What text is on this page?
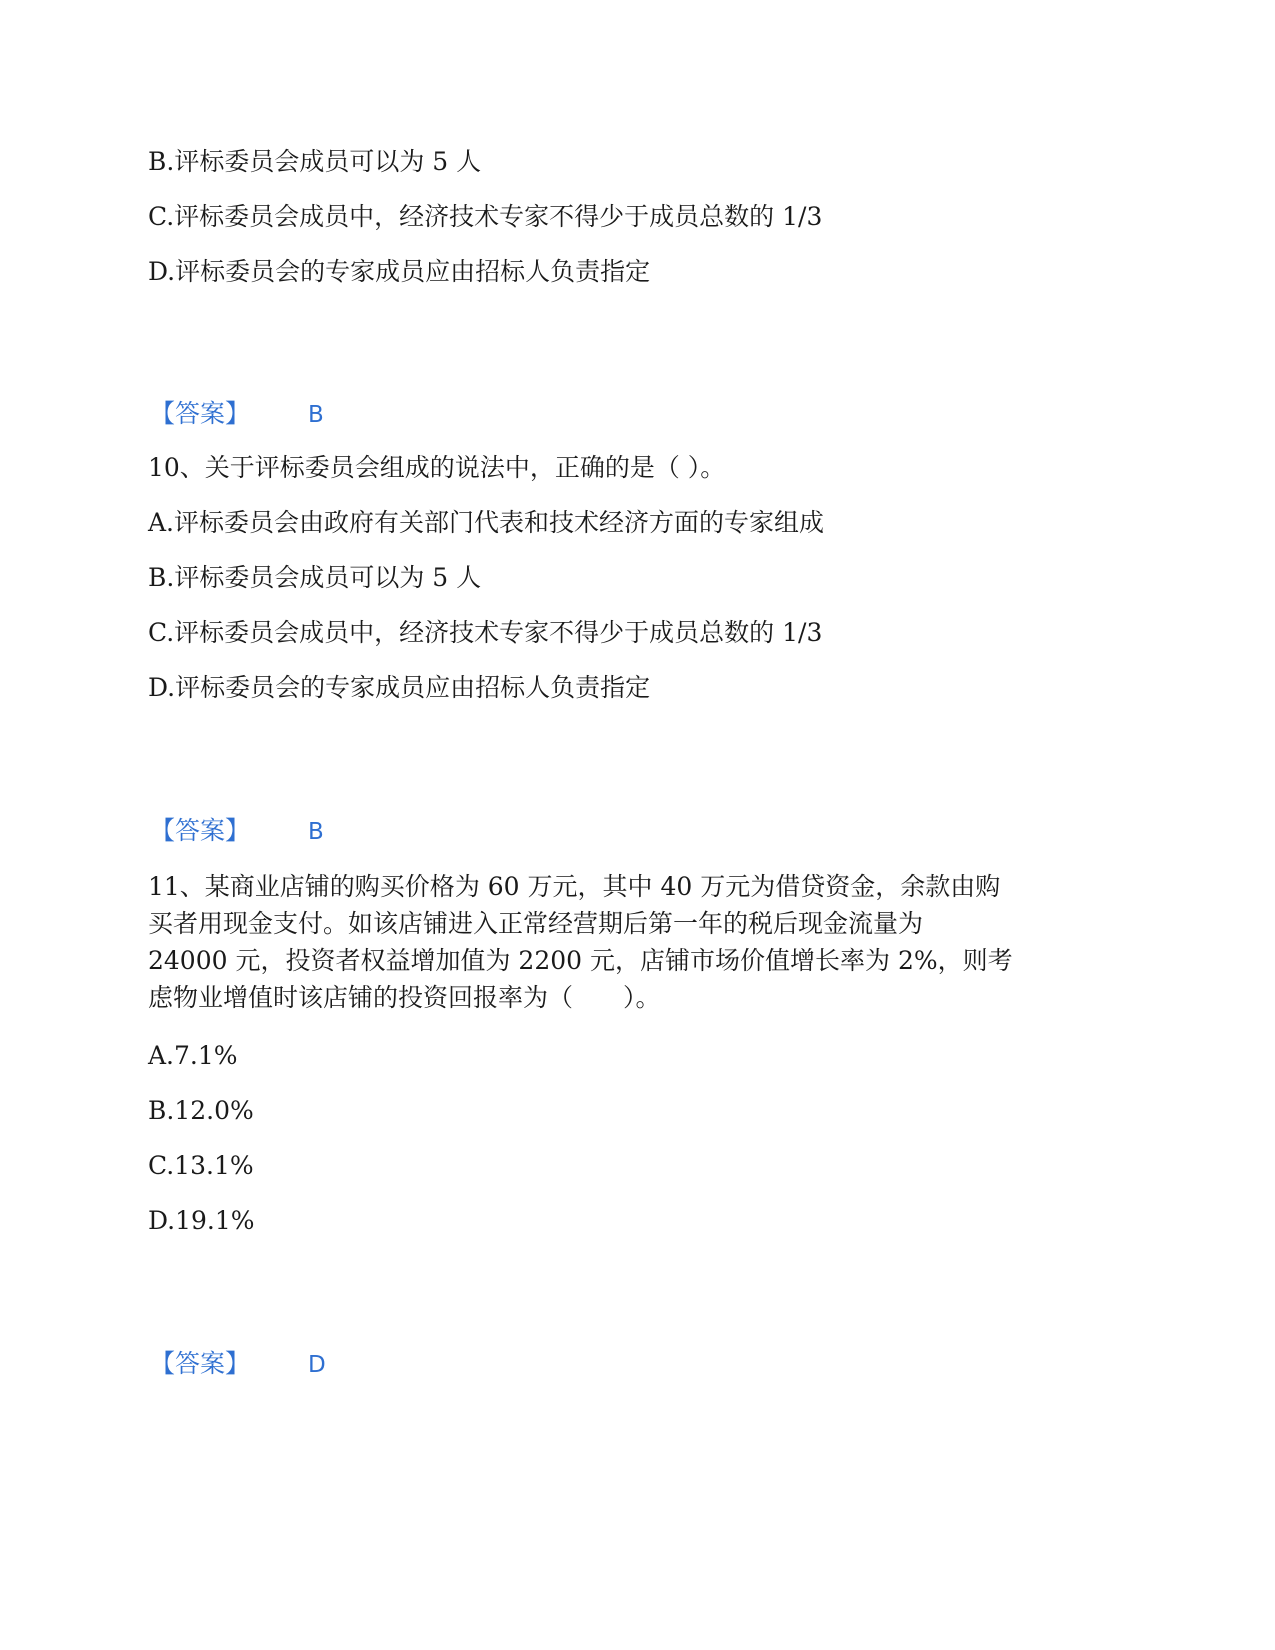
B.评标委员会成员可以为 5 人
C.评标委员会成员中，经济技术专家不得少于成员总数的 1/3
D.评标委员会的专家成员应由招标人负责指定
【答案】	B
10、关于评标委员会组成的说法中，正确的是（ ）。
A.评标委员会由政府有关部门代表和技术经济方面的专家组成
B.评标委员会成员可以为 5 人
C.评标委员会成员中，经济技术专家不得少于成员总数的 1/3
D.评标委员会的专家成员应由招标人负责指定
【答案】	B
11、某商业店铺的购买价格为 60 万元，其中 40 万元为借贷资金，余款由购
买者用现金支付。如该店铺进入正常经营期后第一年的税后现金流量为
24000 元，投资者权益增加值为 2200 元，店铺市场价值增长率为 2%，则考
虑物业增值时该店铺的投资回报率为（　　）。
A.7.1%
B.12.0%
C.13.1%
D.19.1%
【答案】	D
